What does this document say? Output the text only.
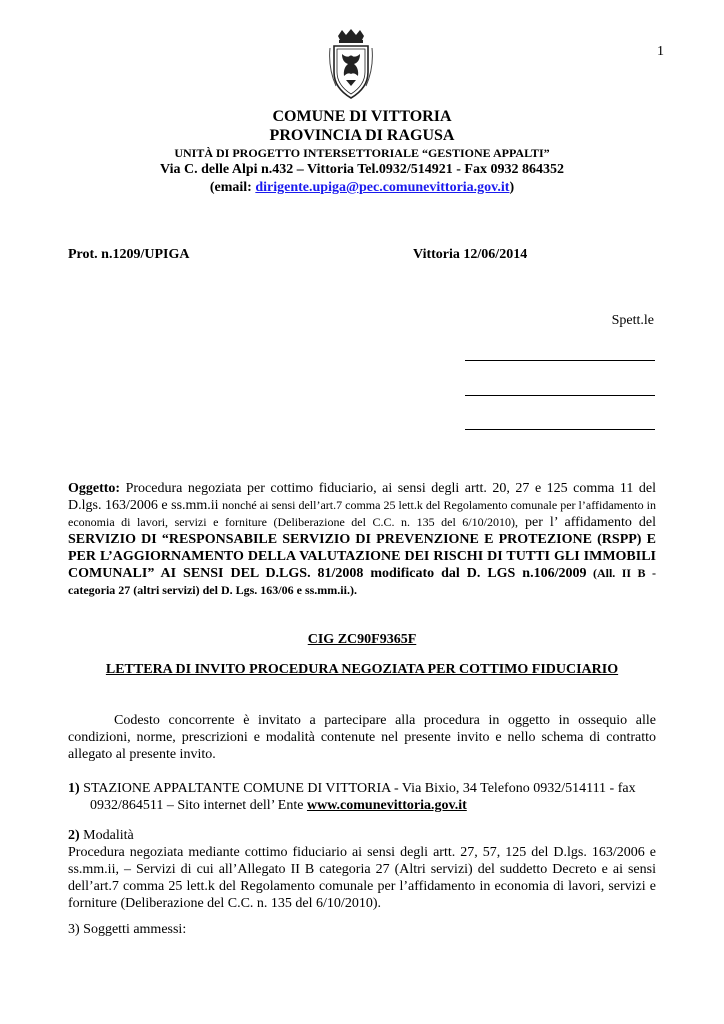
1
COMUNE DI VITTORIA
PROVINCIA DI RAGUSA
UNITÀ DI PROGETTO INTERSETTORIALE “GESTIONE APPALTI”
Via C. delle Alpi n.432 – Vittoria Tel.0932/514921 - Fax 0932 864352
(email: dirigente.upiga@pec.comunevittoria.gov.it)
Prot. n.1209/UPIGA	Vittoria 12/06/2014
Spett.le
Oggetto: Procedura negoziata per cottimo fiduciario, ai sensi degli artt. 20, 27 e 125 comma 11 del D.lgs. 163/2006 e ss.mm.ii nonché ai sensi dell’art.7 comma 25 lett.k del Regolamento comunale per l’affidamento in economia di lavori, servizi e forniture (Deliberazione del C.C. n. 135 del 6/10/2010), per l’ affidamento del SERVIZIO DI “RESPONSABILE SERVIZIO DI PREVENZIONE E PROTEZIONE (RSPP) E PER L’AGGIORNAMENTO DELLA VALUTAZIONE DEI RISCHI DI TUTTI GLI IMMOBILI COMUNALI” AI SENSI DEL D.LGS. 81/2008 modificato dal D. LGS n.106/2009 (All. II B - categoria 27 (altri servizi) del D. Lgs. 163/06 e ss.mm.ii.).
CIG ZC90F9365F
LETTERA DI INVITO PROCEDURA NEGOZIATA PER COTTIMO FIDUCIARIO
Codesto concorrente è invitato a partecipare alla procedura in oggetto in ossequio alle condizioni, norme, prescrizioni e modalità contenute nel presente invito e nello schema di contratto allegato al presente invito.
1) STAZIONE APPALTANTE COMUNE DI VITTORIA - Via Bixio, 34 Telefono 0932/514111 - fax 0932/864511 – Sito internet dell’ Ente www.comunevittoria.gov.it
2) Modalità
Procedura negoziata mediante cottimo fiduciario ai sensi degli artt. 27, 57, 125 del D.lgs. 163/2006 e ss.mm.ii, – Servizi di cui all’Allegato II B categoria 27 (Altri servizi) del suddetto Decreto e ai sensi dell’art.7 comma 25 lett.k del Regolamento comunale per l’affidamento in economia di lavori, servizi e forniture (Deliberazione del C.C. n. 135 del 6/10/2010).
3) Soggetti ammessi:
